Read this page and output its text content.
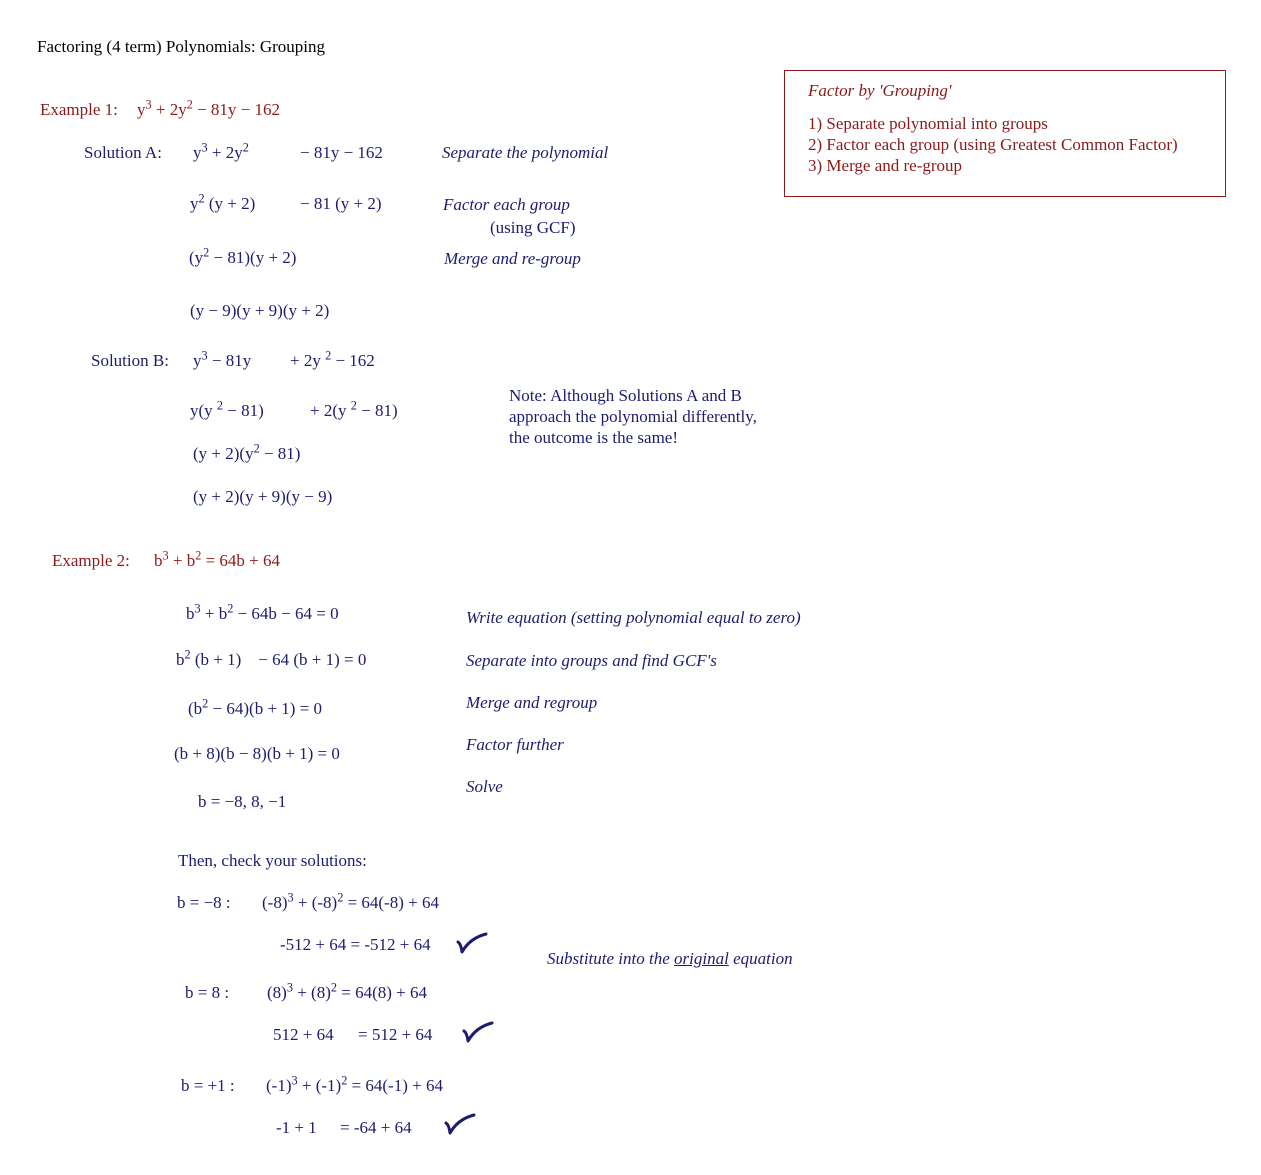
Factoring (4 term) Polynomials: Grouping
Factor by 'Grouping'
1) Separate polynomial into groups
2) Factor each group (using Greatest Common Factor)
3) Merge and re-group
Example 1: $y^3 + 2y^2 - 81y - 162$
Solution A: $y^3 + 2y^2$	− 81y − 162	Separate the polynomial
$y^2$ (y + 2)	− 81 (y + 2)	Factor each group
(using GCF)
$(y^2 - 81)(y + 2)$	Merge and re-group
(y − 9)(y + 9)(y + 2)
Solution B: $y^3 - 81y + 2y$ $^2$ − 162
y(y $^2$ − 81)	+ 2(y $^2$ − 81)
Note: Although Solutions A and B
approach the polynomial differently,
the outcome is the same!
$(y + 2)(y^2 - 81)$
(y + 2)(y + 9)(y − 9)
Example 2: $b^3 + b^2 = 64b + 64$
$b^3 + b^2 - 64b - 64 = 0$	Write equation (setting polynomial equal to zero)
$b^2$ (b + 1)    − 64 (b + 1) = 0	Separate into groups and find GCF's
$(b^2 - 64)(b + 1) = 0$	Merge and regroup
(b + 8)(b − 8)(b + 1) = 0	Factor further
b = −8, 8, −1
Solve
Then, check your solutions:
b = −8 : $(-8)^3 + (-8)^2 = 64(-8) + 64$
-512 + 64 = -512 + 64
Substitute into the original equation
b = 8 : $(8)^3 + (8)^2 = 64(8) + 64$
512 + 64 = 512 + 64
b = +1 : $(-1)^3 + (-1)^2 = 64(-1) + 64$
-1 + 1 = -64 + 64
